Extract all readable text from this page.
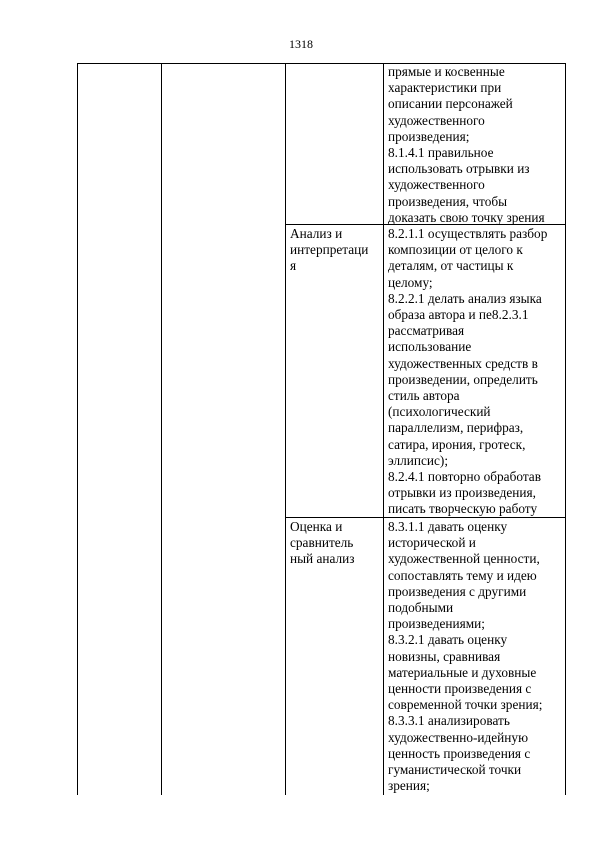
1318
прямые и косвенные
характеристики при
описании персонажей
художественного
произведения;
8.1.4.1 правильное
использовать отрывки из
художественного
произведения, чтобы
доказать свою точку зрения
Анализ и
интерпретаци
я
8.2.1.1 осуществлять разбор
композиции от целого к
деталям, от частицы к
целому;
8.2.2.1 делать анализ языка
образа автора и пе8.2.3.1
рассматривая
использование
художественных средств в
произведении, определить
стиль автора
(психологический
параллелизм, перифраз,
сатира, ирония, гротеск,
эллипсис);
8.2.4.1 повторно обработав
отрывки из произведения,
писать творческую работу
Оценка и
сравнитель
ный анализ
8.3.1.1 давать оценку
исторической и
художественной ценности,
сопоставлять тему и идею
произведения с другими
подобными
произведениями;
8.3.2.1 давать оценку
новизны, сравнивая
материальные и духовные
ценности произведения с
современной точки зрения;
8.3.3.1 анализировать
художественно-идейную
ценность произведения с
гуманистической точки
зрения;
